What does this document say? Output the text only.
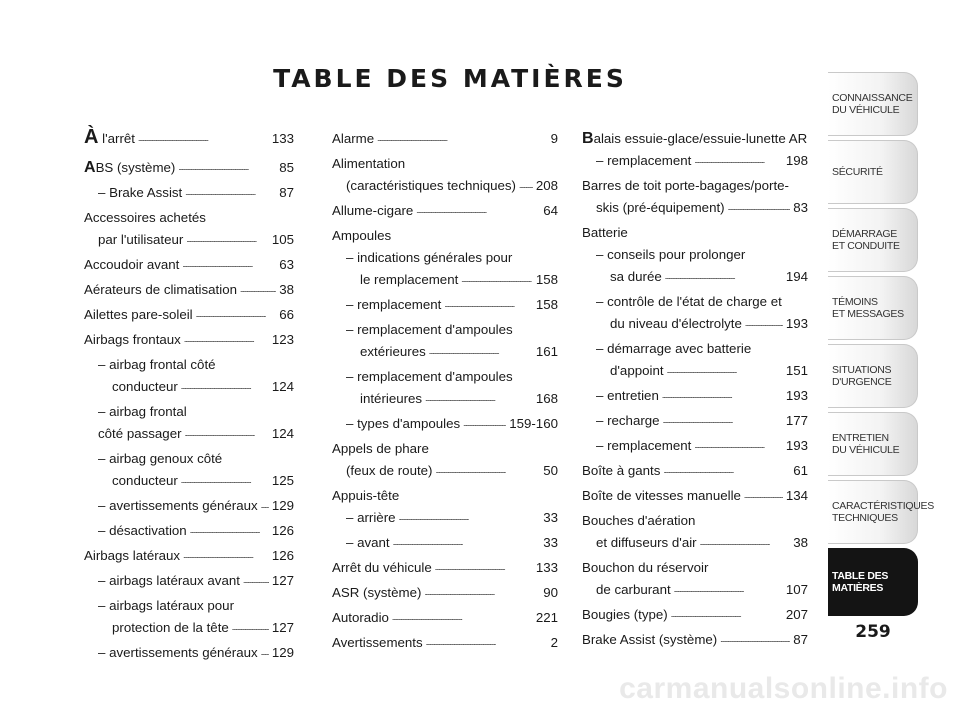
TABLE DES MATIÈRES
À l'arrêt . . .	133
ABS (système) . . .	85
– Brake Assist . . .	87
Accessoires achetés
par l'utilisateur . . .	105
Accoudoir avant . . .	63
Aérateurs de climatisation . . .	38
Ailettes pare-soleil . . .	66
Airbags frontaux . . .	123
– airbag frontal côté
conducteur . . .	124
– airbag frontal
côté passager . . .	124
– airbag genoux côté
conducteur . . .	125
– avertissements généraux . . . 129
– désactivation . . .	126
Airbags latéraux . . .	126
– airbags latéraux avant . . . 127
– airbags latéraux pour
protection de la tête . . .	127
– avertissements généraux . . . 129
Alarme . . .	9
Alimentation
(caractéristiques techniques) . . . 208
Allume-cigare . . .	64
Ampoules
– indications générales pour
le remplacement . . .	158
– remplacement . . .	158
– remplacement d'ampoules
extérieures . . .	161
– remplacement d'ampoules
intérieures . . .	168
– types d'ampoules . . .	159-160
Appels de phare
(feux de route) . . .	50
Appuis-tête
– arrière . . .	33
– avant . . .	33
Arrêt du véhicule . . .	133
ASR (système) . . .	90
Autoradio . . .	221
Avertissements . . .	2
Balais essuie-glace/essuie-lunette AR
– remplacement . . .	198
Barres de toit porte-bagages/porte-
skis (pré-équipement) . . .	83
Batterie
– conseils pour prolonger
sa durée . . .	194
– contrôle de l'état de charge et
du niveau d'électrolyte . . .	193
– démarrage avec batterie
d'appoint . . .	151
– entretien . . .	193
– recharge . . .	177
– remplacement . . .	193
Boîte à gants . . .	61
Boîte de vitesses manuelle . . .	134
Bouches d'aération
et diffuseurs d'air . . .	38
Bouchon du réservoir
de carburant . . .	107
Bougies (type) . . .	207
Brake Assist (système) . . .	87
CONNAISSANCE
DU VÉHICULE
SÉCURITÉ
DÉMARRAGE
ET CONDUITE
TÉMOINS
ET MESSAGES
SITUATIONS
D'URGENCE
ENTRETIEN
DU VÉHICULE
CARACTÉRISTIQUES
TECHNIQUES
TABLE DES
MATIÈRES
259
carmanualsonline.info
